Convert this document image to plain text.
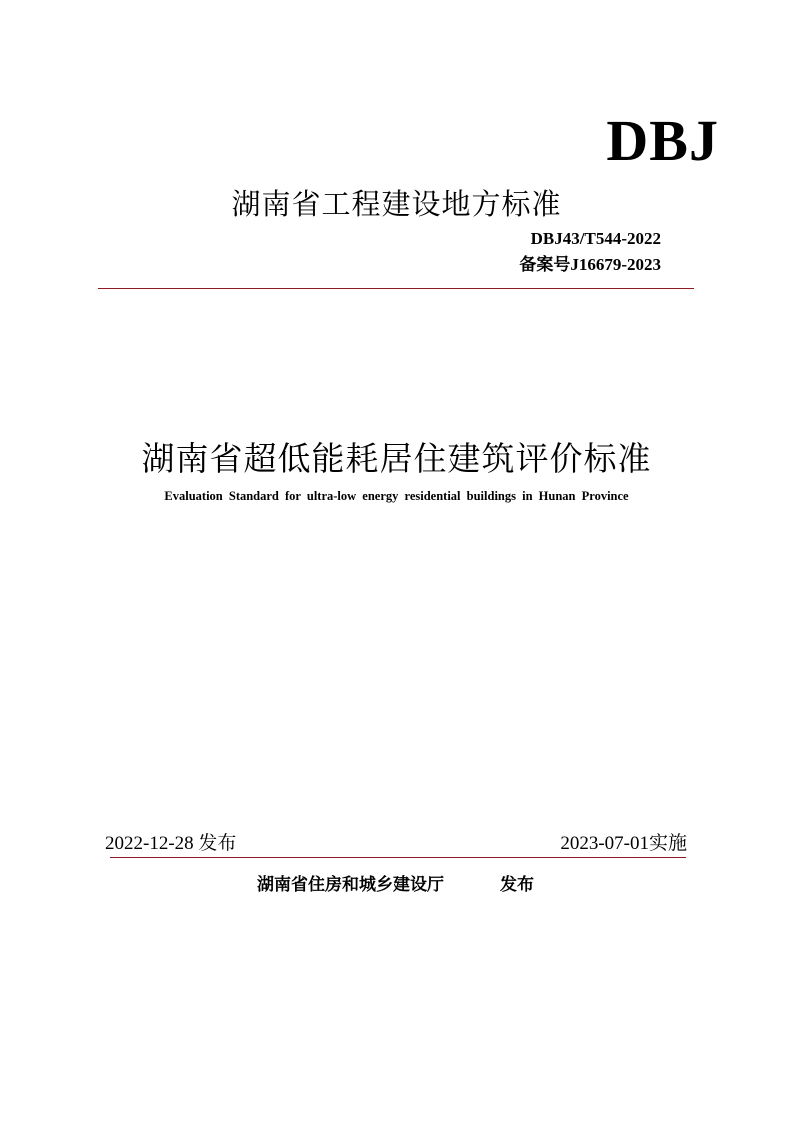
DBJ
湖南省工程建设地方标准
DBJ43/T544-2022
备案号J16679-2023
湖南省超低能耗居住建筑评价标准
Evaluation Standard for ultra-low energy residential buildings in Hunan Province
2022-12-28 发布	2023-07-01实施
湖南省住房和城乡建设厅	发布
